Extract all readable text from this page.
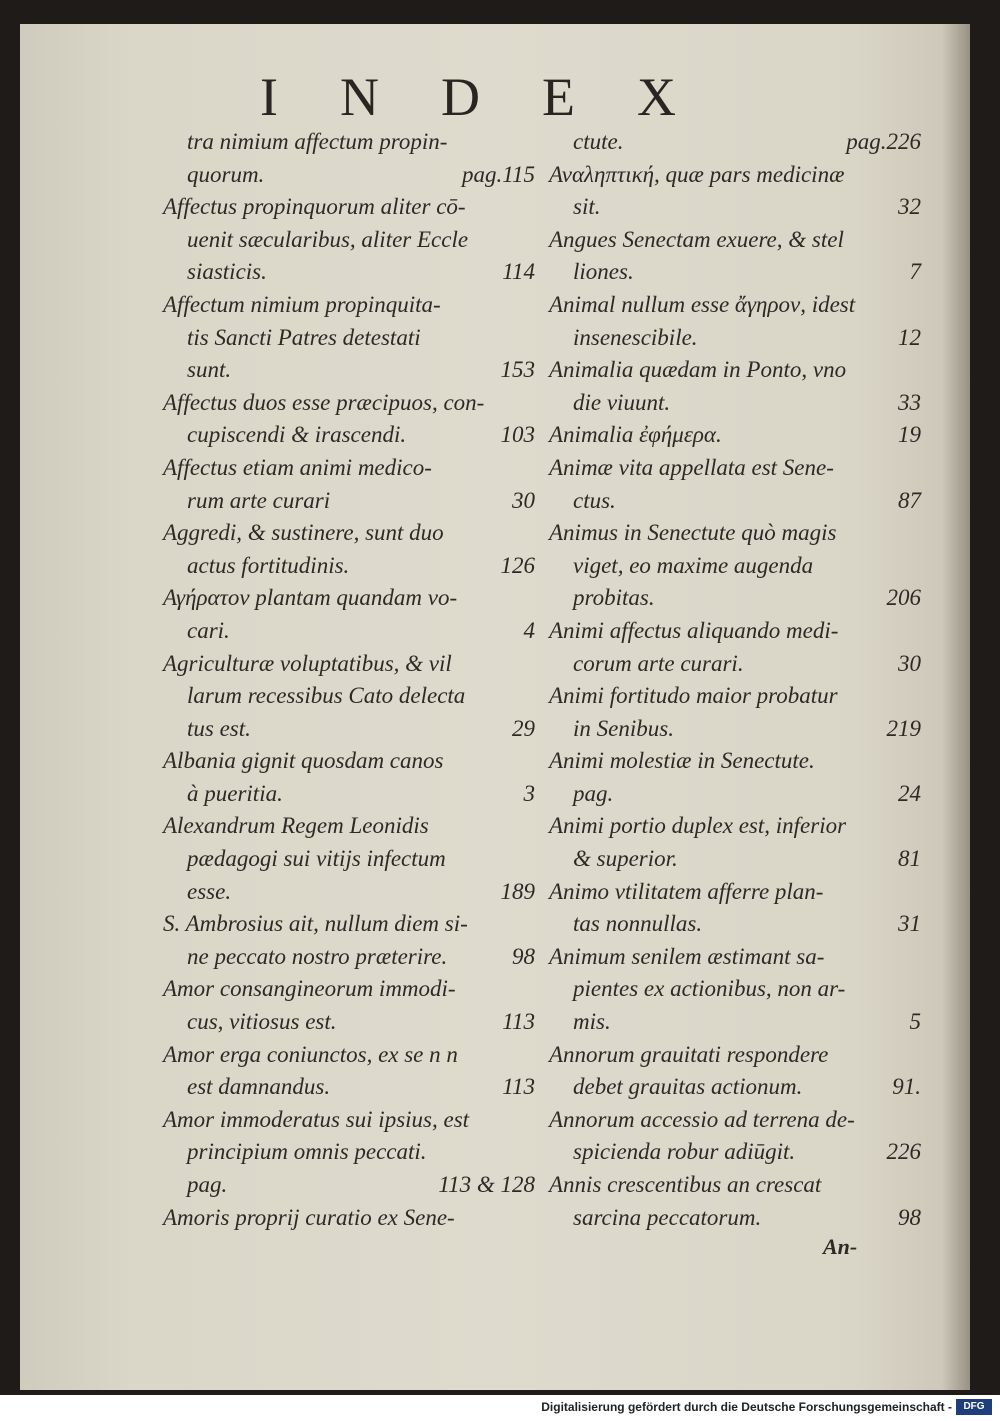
INDEX
tra nimium affectum propin-
quorum.	pag.115
Affectus propinquorum aliter cō-
uenit sæcularibus, aliter Eccle
siasticis.	114
Affectum nimium propinquita-
tis Sancti Patres detestati
sunt.	153
Affectus duos esse præcipuos, con-
cupiscendi & irascendi.	103
Affectus etiam animi medico-
rum arte curari	30
Aggredi, & sustinere, sunt duo
actus fortitudinis.	126
Αγήρατον plantam quandam vo-
cari.	4
Agriculturæ voluptatibus, & vil
larum recessibus Cato delecta
tus est.	29
Albania gignit quosdam canos
à pueritia.	3
Alexandrum Regem Leonidis
pædagogi sui vitijs infectum
esse.	189
S. Ambrosius ait, nullum diem si-
ne peccato nostro præterire.	98
Amor consangineorum immodi-
cus, vitiosus est.	113
Amor erga coniunctos, ex se n n
est damnandus.	113
Amor immoderatus sui ipsius, est
principium omnis peccati.
pag.	113 & 128
Amoris proprij curatio ex Sene-
ctute.	pag.226
Αναληπτική, quæ pars medicinæ
sit.	32
Angues Senectam exuere, & stel
liones.	7
Animal nullum esse ἄγηρον, idest
insenescibile.	12
Animalia quædam in Ponto, vno
die viuunt.	33
Animalia ἐφήμερα.	19
Animæ vita appellata est Sene-
ctus.	87
Animus in Senectute quò magis
viget, eo maxime augenda
probitas.	206
Animi affectus aliquando medi-
corum arte curari.	30
Animi fortitudo maior probatur
in Senibus.	219
Animi molestiæ in Senectute.
pag.	24
Animi portio duplex est, inferior
& superior.	81
Animo vtilitatem afferre plan-
tas nonnullas.	31
Animum senilem æstimant sa-
pientes ex actionibus, non ar-
mis.	5
Annorum grauitati respondere
debet grauitas actionum.	91.
Annorum accessio ad terrena de-
spicienda robur adiūgit.	226
Annis crescentibus an crescat
sarcina peccatorum.	98
An-
Digitalisierung gefördert durch die Deutsche Forschungsgemeinschaft -	DFG
